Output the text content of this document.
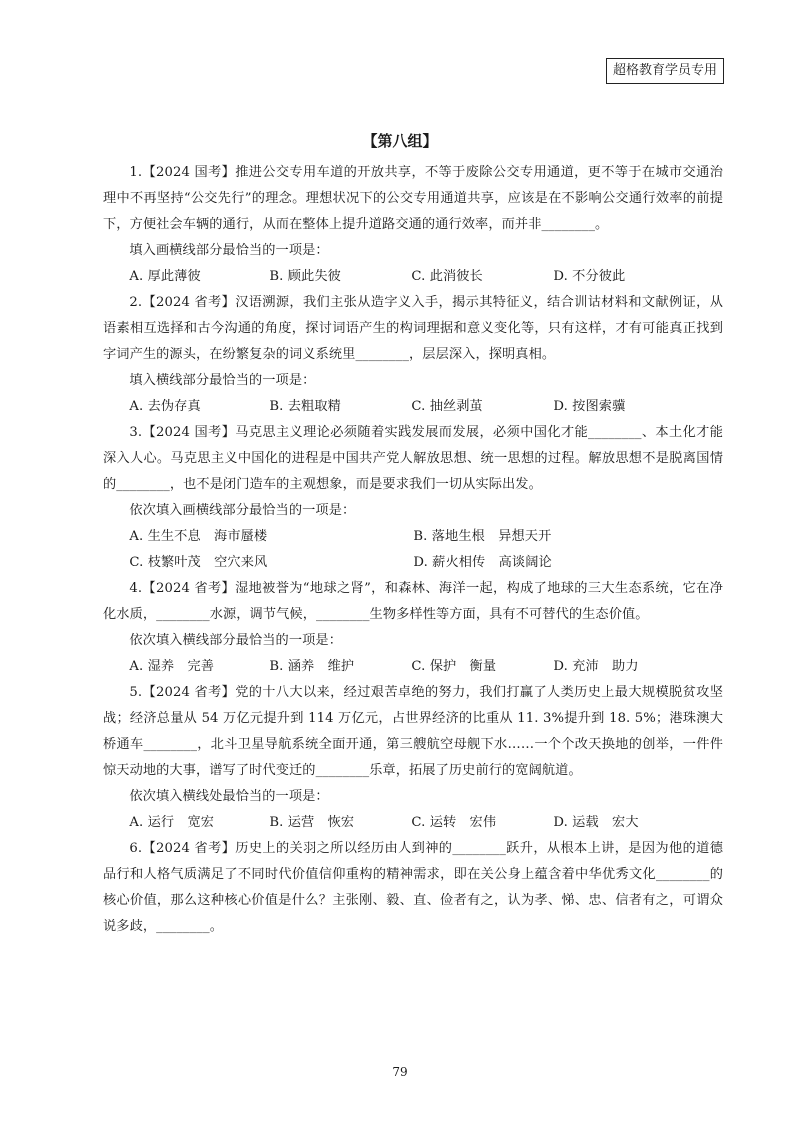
超格教育学员专用
【第八组】

1.【2024 国考】推进公交专用车道的开放共享，不等于废除公交专用通道，更不等于在城市交通治理中不再坚持“公交先行”的理念。理想状况下的公交专用通道共享，应该是在不影响公交通行效率的前提下，方便社会车辆的通行，从而在整体上提升道路交通的通行效率，而并非________。

填入画横线部分最恰当的一项是：

A. 厚此薄彼	B. 顾此失彼	C. 此消彼长	D. 不分彼此

2.【2024 省考】汉语溯源，我们主张从造字义入手，揭示其特征义，结合训诂材料和文献例证，从语素相互选择和古今沟通的角度，探讨词语产生的构词理据和意义变化等，只有这样，才有可能真正找到字词产生的源头，在纷繁复杂的词义系统里________，层层深入，探明真相。

填入横线部分最恰当的一项是：

A. 去伪存真	B. 去粗取精	C. 抽丝剥茧	D. 按图索骥

3.【2024 国考】马克思主义理论必须随着实践发展而发展，必须中国化才能________、本土化才能深入人心。马克思主义中国化的进程是中国共产党人解放思想、统一思想的过程。解放思想不是脱离国情的________，也不是闭门造车的主观想象，而是要求我们一切从实际出发。

依次填入画横线部分最恰当的一项是：

A. 生生不息　海市蜃楼	B. 落地生根　异想天开
C. 枝繁叶茂　空穴来风	D. 薪火相传　高谈阔论

4.【2024 省考】湿地被誉为“地球之肾”，和森林、海洋一起，构成了地球的三大生态系统，它在净化水质，________水源，调节气候，________生物多样性等方面，具有不可替代的生态价值。

依次填入横线部分最恰当的一项是：

A. 湿养　完善	B. 涵养　维护	C. 保护　衡量	D. 充沛　助力

5.【2024 省考】党的十八大以来，经过艰苦卓绝的努力，我们打赢了人类历史上最大规模脱贫攻坚战；经济总量从 54 万亿元提升到 114 万亿元，占世界经济的比重从 11. 3%提升到 18. 5%；港珠澳大桥通车________，北斗卫星导航系统全面开通，第三艘航空母舰下水……一个个改天换地的创举，一件件惊天动地的大事，谱写了时代变迁的________乐章，拓展了历史前行的宽阔航道。

依次填入横线处最恰当的一项是：

A. 运行　宽宏	B. 运营　恢宏	C. 运转　宏伟	D. 运载　宏大

6.【2024 省考】历史上的关羽之所以经历由人到神的________跃升，从根本上讲，是因为他的道德品行和人格气质满足了不同时代价值信仰重构的精神需求，即在关公身上蕴含着中华优秀文化________的核心价值，那么这种核心价值是什么？主张刚、毅、直、俭者有之，认为孝、悌、忠、信者有之，可谓众说多歧，________。

79
